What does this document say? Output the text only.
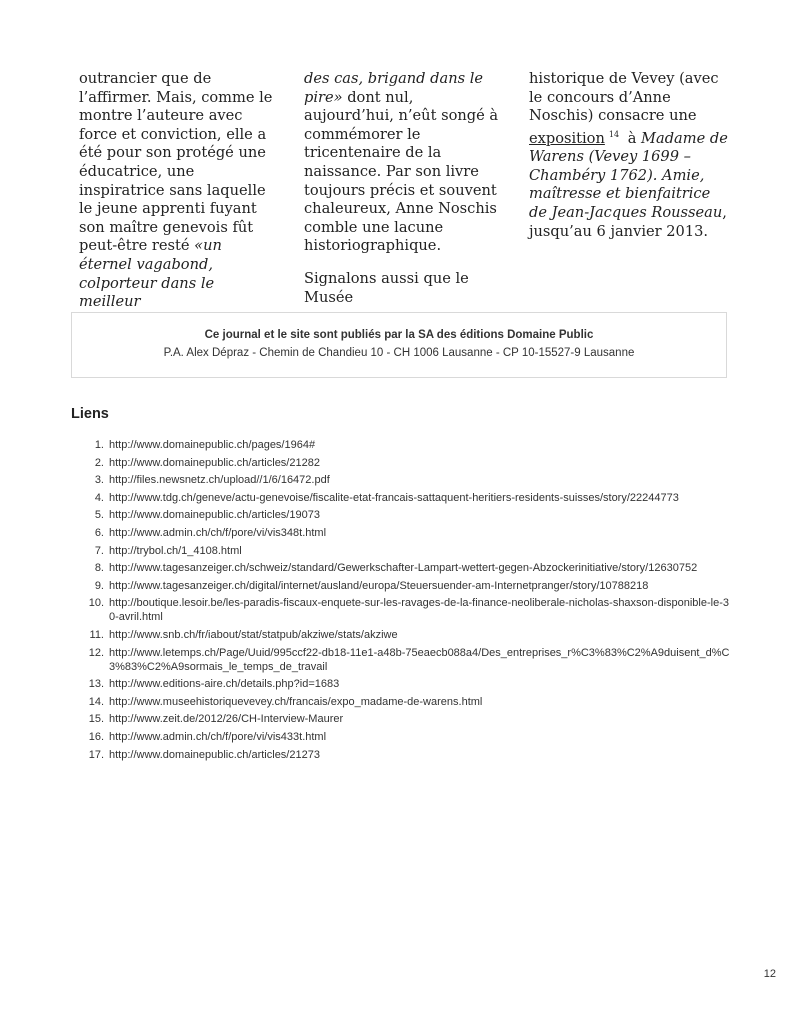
outrancier que de l’affirmer. Mais, comme le montre l’auteure avec force et conviction, elle a été pour son protégé une éducatrice, une inspiratrice sans laquelle le jeune apprenti fuyant son maître genevois fût peut-être resté «un éternel vagabond, colporteur dans le meilleur

des cas, brigand dans le pire» dont nul, aujourd’hui, n’eût songé à commémorer le tricentenaire de la naissance. Par son livre toujours précis et souvent chaleureux, Anne Noschis comble une lacune historiographique.

Signalons aussi que le Musée

historique de Vevey (avec le concours d’Anne Noschis) consacre une exposition $^{14}$ à Madame de Warens (Vevey 1699 – Chambéry 1762). Amie, maîtresse et bienfaitrice de Jean-Jacques Rousseau, jusqu’au 6 janvier 2013.

Ce journal et le site sont publiés par la SA des éditions Domaine Public
P.A. Alex Dépraz - Chemin de Chandieu 10 - CH 1006 Lausanne - CP 10-15527-9 Lausanne
Liens
1. http://www.domainepublic.ch/pages/1964#
2. http://www.domainepublic.ch/articles/21282
3. http://files.newsnetz.ch/upload//1/6/16472.pdf
4. http://www.tdg.ch/geneve/actu-genevoise/fiscalite-etat-francais-sattaquent-heritiers-residents-suisses/story/22244773
5. http://www.domainepublic.ch/articles/19073
6. http://www.admin.ch/ch/f/pore/vi/vis348t.html
7. http://trybol.ch/1_4108.html
8. http://www.tagesanzeiger.ch/schweiz/standard/Gewerkschafter-Lampart-wettert-gegen-Abzockerinitiative/story/12630752
9. http://www.tagesanzeiger.ch/digital/internet/ausland/europa/Steuersuender-am-Internetpranger/story/10788218
10. http://boutique.lesoir.be/les-paradis-fiscaux-enquete-sur-les-ravages-de-la-finance-neoliberale-nicholas-shaxson-disponible-le-30-avril.html
11. http://www.snb.ch/fr/iabout/stat/statpub/akziwe/stats/akziwe
12. http://www.letemps.ch/Page/Uuid/995ccf22-db18-11e1-a48b-75eaecb088a4/Des_entreprises_r%C3%83%C2%A9duisent_d%C3%83%C2%A9sormais_le_temps_de_travail
13. http://www.editions-aire.ch/details.php?id=1683
14. http://www.museehistoriquevevey.ch/francais/expo_madame-de-warens.html
15. http://www.zeit.de/2012/26/CH-Interview-Maurer
16. http://www.admin.ch/ch/f/pore/vi/vis433t.html
17. http://www.domainepublic.ch/articles/21273
12
